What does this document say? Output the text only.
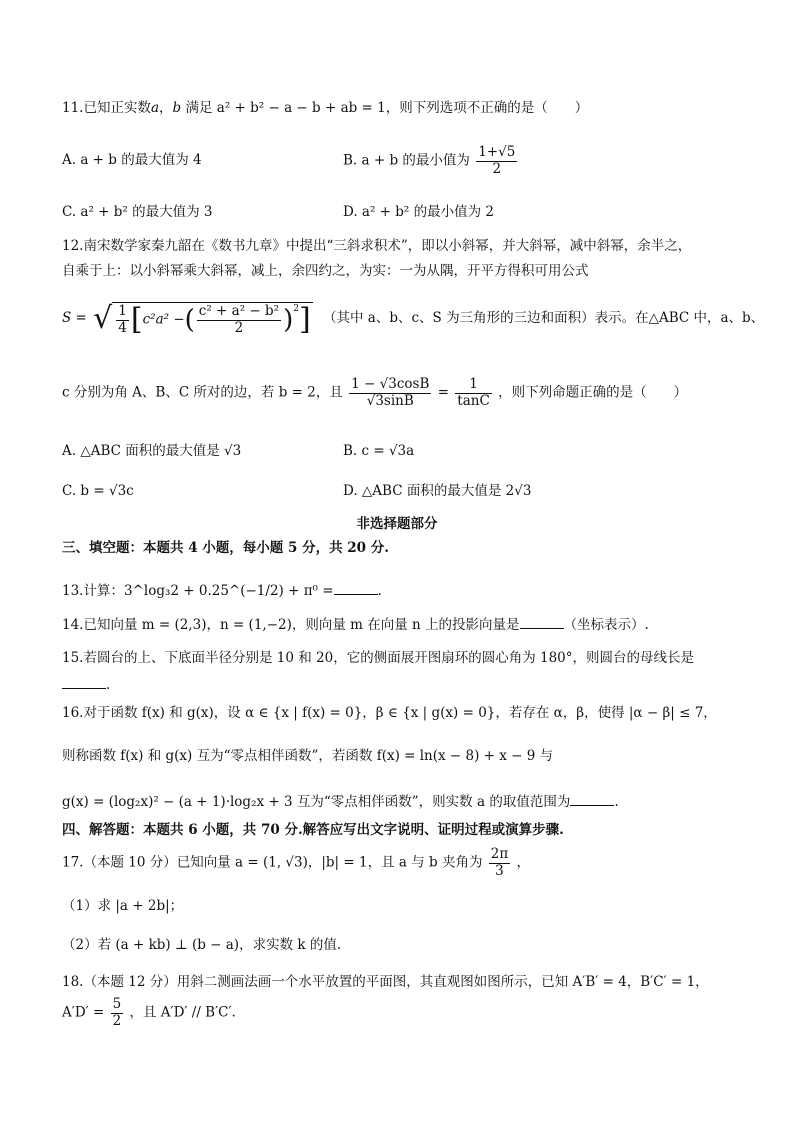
11.已知正实数a，b 满足 a² + b² − a − b + ab = 1，则下列选项不正确的是（　　）
A. a + b 的最大值为 4	B. a + b 的最小值为 $\frac{1+√5}{2}$
C. a² + b² 的最大值为 3	D. a² + b² 的最小值为 2
12.南宋数学家秦九韶在《数书九章》中提出“三斜求积术”，即以小斜幂，并大斜幂，减中斜幂，余半之，
自乘于上：以小斜幂乘大斜幂，减上，余四约之，为实：一为从隅，开平方得积可用公式
S = √ $\frac{1}{4} [c^2a^2$ −( $\frac{\text{c² + a² − b²}}{2} )^2$] （其中 a、b、c、S 为三角形的三边和面积）表示。在△ABC 中，a、b、
c 分别为角 A、B、C 所对的边，若 b = 2，且 $\frac{1 - √3\cos B}{√3\sin B} = \frac{1}{\tan C}$ ，则下列命题正确的是（　　）
A. △ABC 面积的最大值是 √3	B. c = √3a
C. b = √3c	D. △ABC 面积的最大值是 2√3
非选择题部分
三、填空题：本题共 4 小题，每小题 5 分，共 20 分.
13.计算：3^log₃2 + 0.25^(−1/2) + π⁰ =	.
14.已知向量 m = (2,3)，n = (1,−2)，则向量 m 在向量 n 上的投影向量是	（坐标表示）.
15.若圆台的上、下底面半径分别是 10 和 20，它的侧面展开图扇环的圆心角为 180°，则圆台的母线长是
.
16.对于函数 f(x) 和 g(x)，设 α ∈ {x | f(x) = 0}，β ∈ {x | g(x) = 0}，若存在 α，β，使得 |α − β| ≤ 7，
则称函数 f(x) 和 g(x) 互为“零点相伴函数”，若函数 f(x) = ln(x − 8) + x − 9 与
g(x) = (log₂x)² − (a + 1)·log₂x + 3 互为“零点相伴函数”，则实数 a 的取值范围为	.
四、解答题：本题共 6 小题，共 70 分.解答应写出文字说明、证明过程或演算步骤.
17.（本题 10 分）已知向量 a = (1, √3)，|b| = 1，且 a 与 b 夹角为 $\frac{2\pi}{3}$ ，
（1）求 |a + 2b|；
（2）若 (a + kb) ⊥ (b − a)，求实数 k 的值.
18.（本题 12 分）用斜二测画法画一个水平放置的平面图，其直观图如图所示，已知 A′B′ = 4，B′C′ = 1，
$A'D' = \frac{5}{2}$ ，且 A′D′ // B′C′.
